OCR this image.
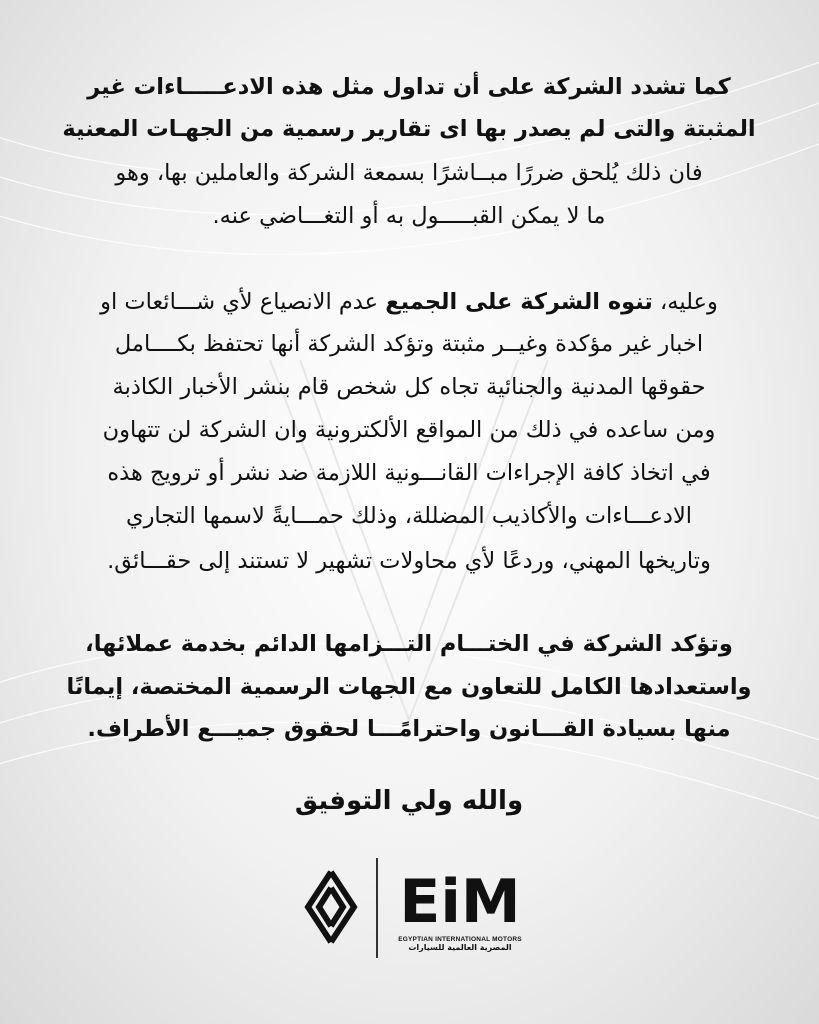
كما تشدد الشركة على أن تداول مثل هذه الادعـــــاءات غير

المثبتة والتى لم يصدر بها اى تقارير رسمية من الجهـات المعنية

فان ذلك يُلحق ضررًا مبــاشرًا بسمعة الشركة والعاملين بها، وهو

ما لا يمكن القبـــــول به أو التغـــاضي عنه.

وعليه، تنوه الشركة على الجميع عدم الانصياع لأي شـــائعات او

اخبار غير مؤكدة وغيــر مثبتة وتؤكد الشركة أنها تحتفظ بكــــامل

حقوقها المدنية والجنائية تجاه كل شخص قام بنشر الأخبار الكاذبة

ومن ساعده في ذلك من المواقع الألكترونية وان الشركة لن تتهاون

في اتخاذ كافة الإجراءات القانـــونية اللازمة ضد نشر أو ترويج هذه

الادعـــاءات والأكاذيب المضللة، وذلك حمـــايةً لاسمها التجاري

وتاريخها المهني، وردعًا لأي محاولات تشهير لا تستند إلى حقـــائق.

وتؤكد الشركة في الختـــام التـــزامها الدائم بخدمة عملائها،

واستعدادها الكامل للتعاون مع الجهات الرسمية المختصة، إيمانًا

منها بسيادة القـــانون واحترامًـــا لحقوق جميـــع الأطراف.

والله ولي التوفيق

EiM

EGYPTIAN INTERNATIONAL MOTORS

المصرية العالمية للسيارات
